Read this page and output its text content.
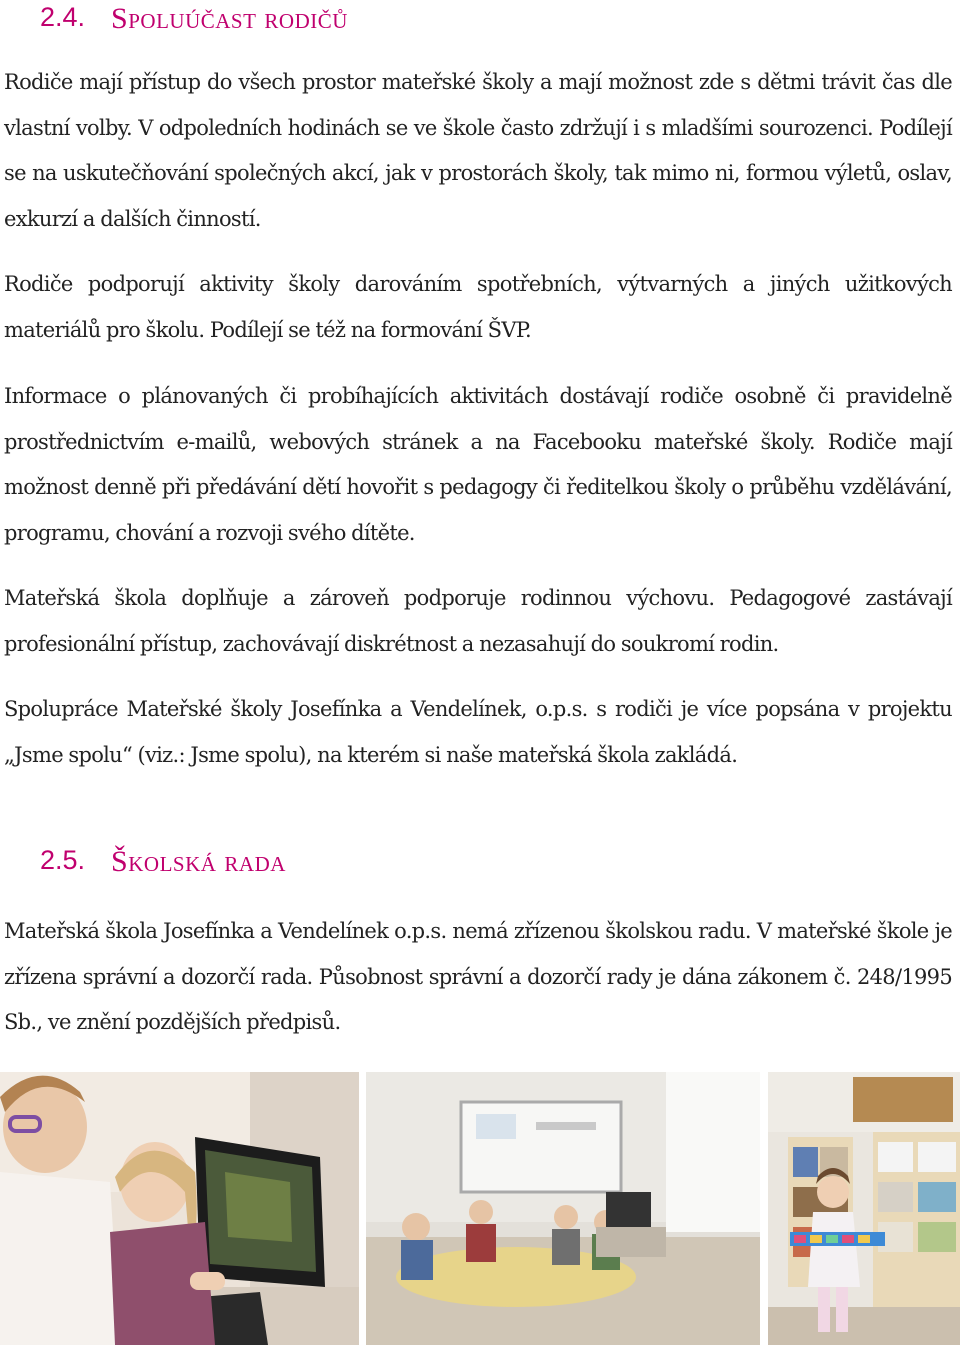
2.4. Spoluúčast rodičů

Rodiče mají přístup do všech prostor mateřské školy a mají možnost zde s dětmi trávit čas dle vlastní volby. V odpoledních hodinách se ve škole často zdržují i s mladšími sourozenci. Podílejí se na uskutečňování společných akcí, jak v prostorách školy, tak mimo ni, formou výletů, oslav, exkurzí a dalších činností.

Rodiče podporují aktivity školy darováním spotřebních, výtvarných a jiných užitkových materiálů pro školu. Podílejí se též na formování ŠVP.

Informace o plánovaných či probíhajících aktivitách dostávají rodiče osobně či pravidelně prostřednictvím e-mailů, webových stránek a na Facebooku mateřské školy. Rodiče mají možnost denně při předávání dětí hovořit s pedagogy či ředitelkou školy o průběhu vzdělávání, programu, chování a rozvoji svého dítěte.

Mateřská škola doplňuje a zároveň podporuje rodinnou výchovu. Pedagogové zastávají profesionální přístup, zachovávají diskrétnost a nezasahují do soukromí rodin.

Spolupráce Mateřské školy Josefínka a Vendelínek, o.p.s. s rodiči je více popsána v projektu „Jsme spolu“ (viz.: Jsme spolu), na kterém si naše mateřská škola zakládá.

2.5. Školská rada

Mateřská škola Josefínka a Vendelínek o.p.s. nemá zřízenou školskou radu. V mateřské škole je zřízena správní a dozorčí rada. Působnost správní a dozorčí rady je dána zákonem č. 248/1995 Sb., ve znění pozdějších předpisů.
